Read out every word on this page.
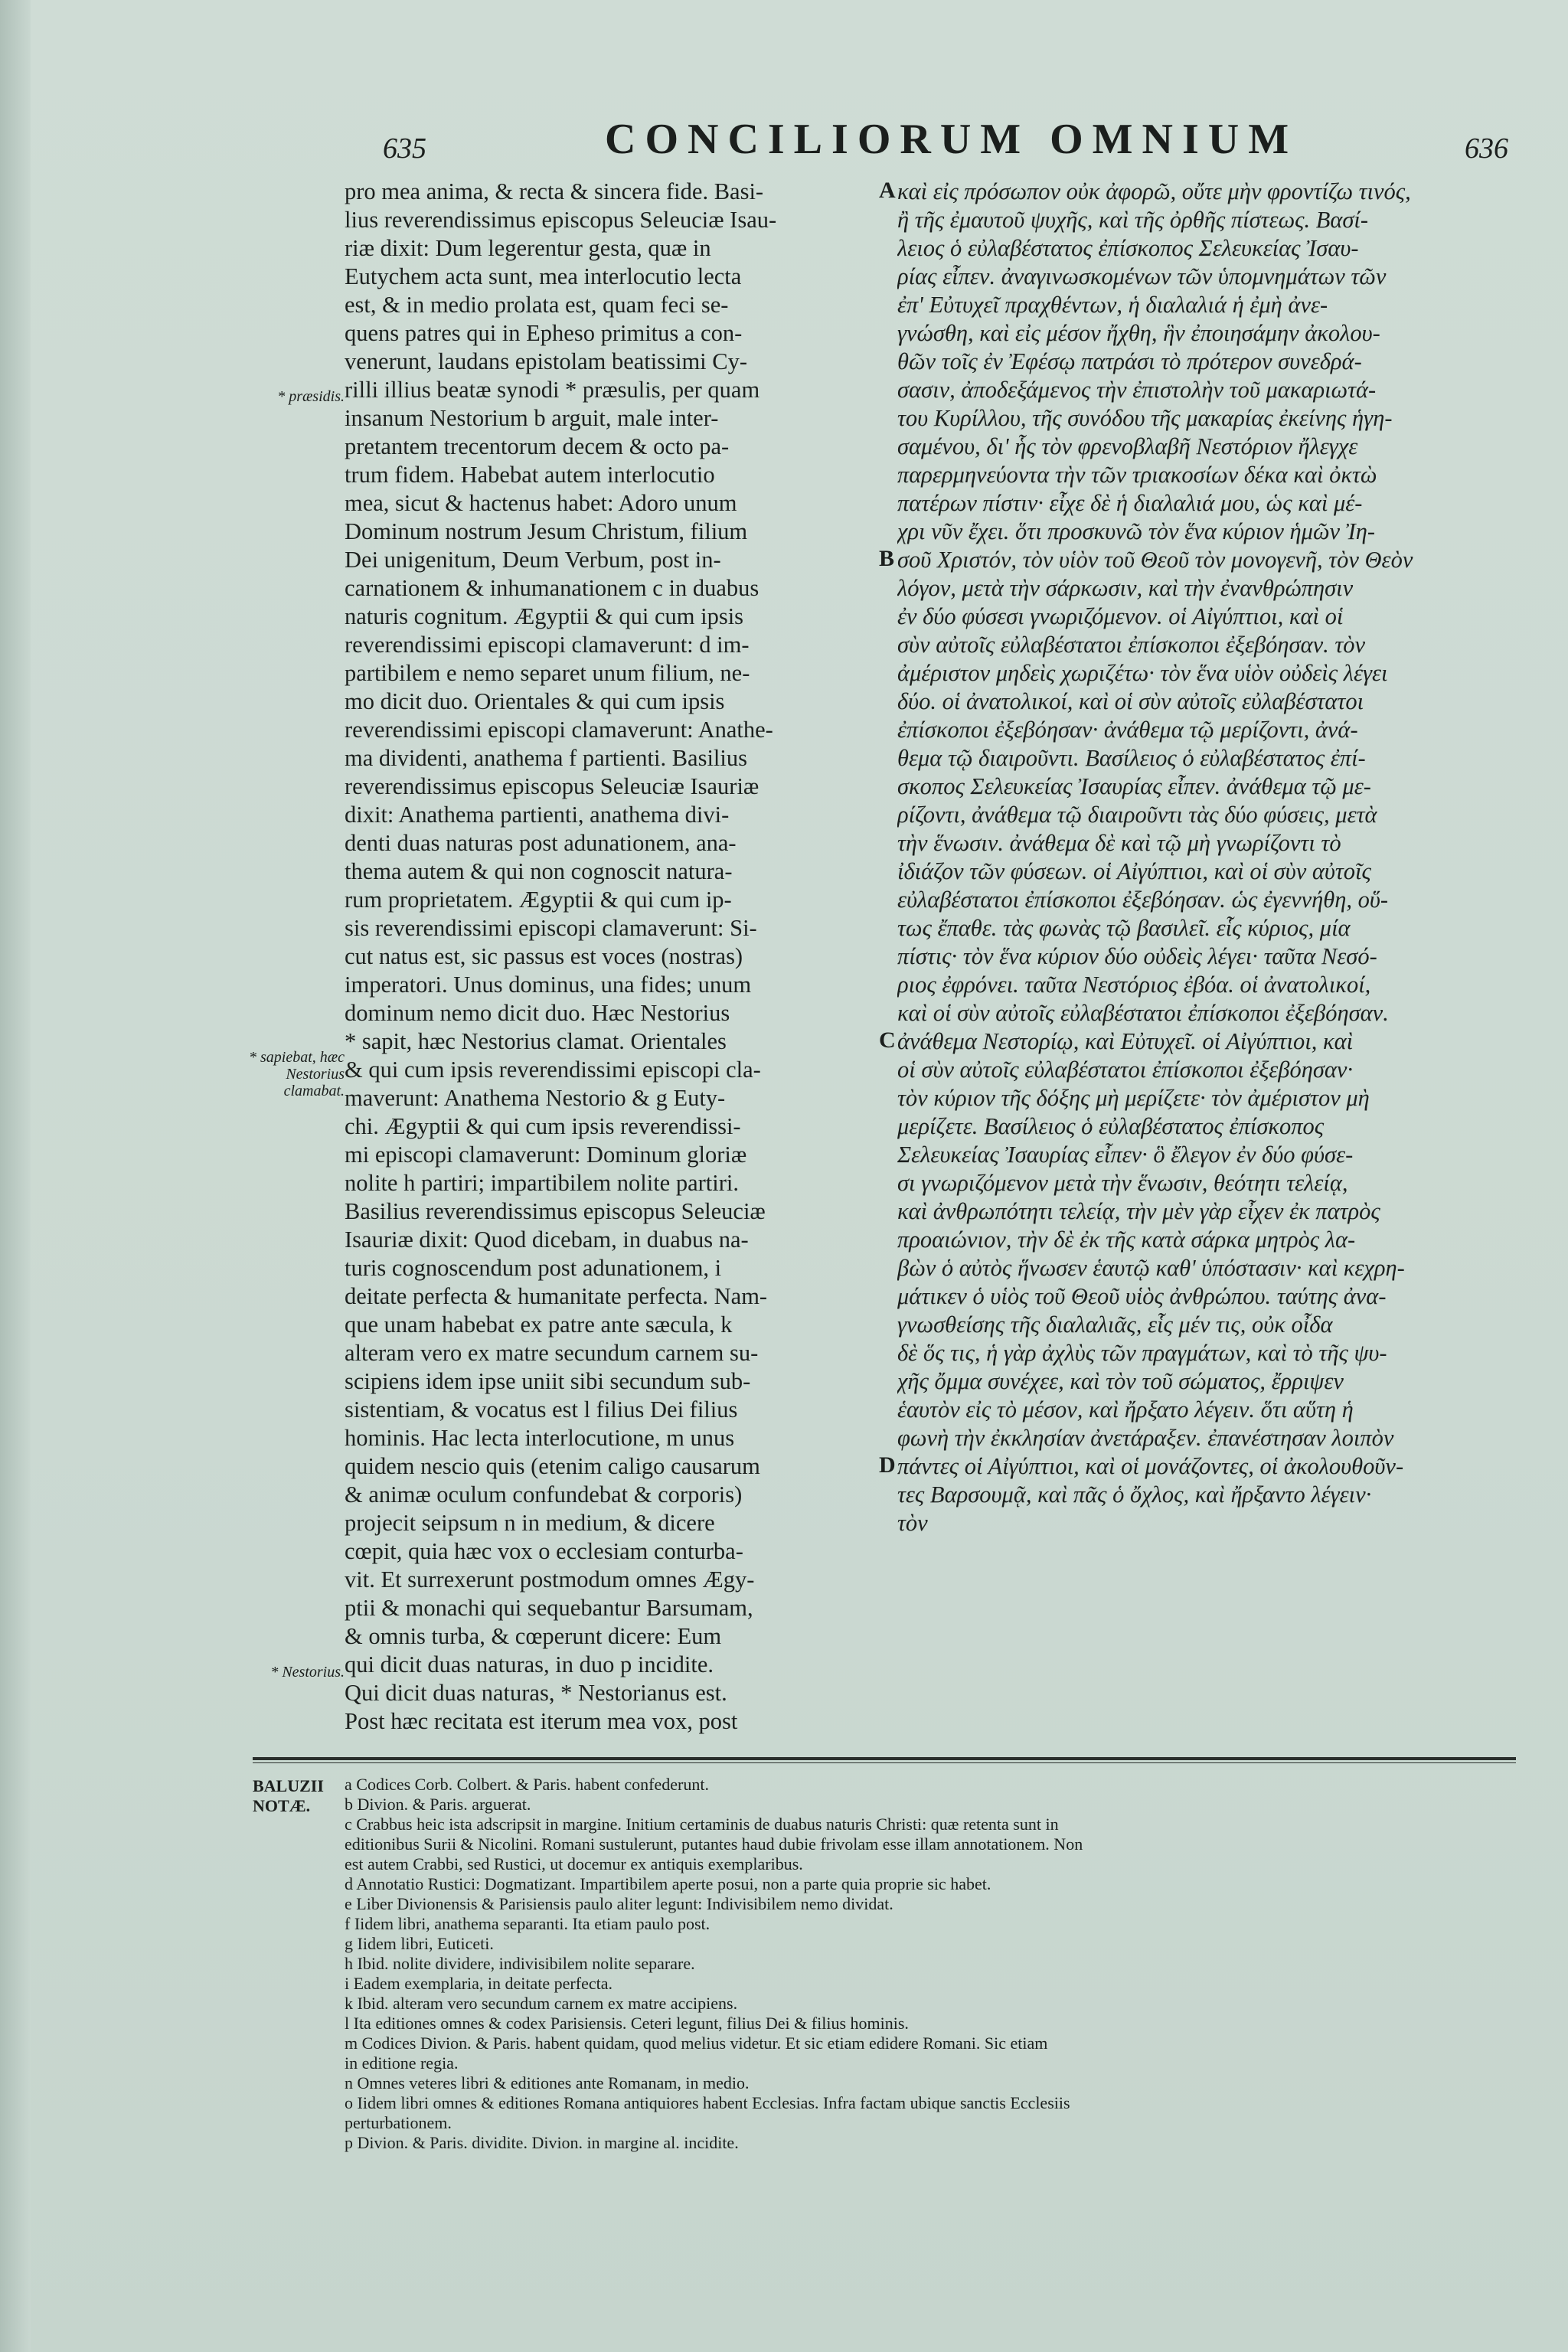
635	CONCILIORUM OMNIUM	636
pro mea anima, & recta & sincera fide. Basi-
lius reverendissimus episcopus Seleuciæ Isau-
riæ dixit: Dum legerentur gesta, quæ in
Eutychem acta sunt, mea interlocutio lecta
est, & in medio prolata est, quam feci se-
quens patres qui in Epheso primitus a con-
venerunt, laudans epistolam beatissimi Cy-
rilli illius beatæ synodi * præsulis, per quam
insanum Nestorium b arguit, male inter-
pretantem trecentorum decem & octo pa-
trum fidem. Habebat autem interlocutio
mea, sicut & hactenus habet: Adoro unum
Dominum nostrum Jesum Christum, filium
Dei unigenitum, Deum Verbum, post in-
carnationem & inhumanationem c in duabus
naturis cognitum. Ægyptii & qui cum ipsis
reverendissimi episcopi clamaverunt: d im-
partibilem e nemo separet unum filium, ne-
mo dicit duo. Orientales & qui cum ipsis
reverendissimi episcopi clamaverunt: Anathe-
ma dividenti, anathema f partienti. Basilius
reverendissimus episcopus Seleuciæ Isauriæ
dixit: Anathema partienti, anathema divi-
denti duas naturas post adunationem, ana-
thema autem & qui non cognoscit natura-
rum proprietatem. Ægyptii & qui cum ip-
sis reverendissimi episcopi clamaverunt: Si-
cut natus est, sic passus est voces (nostras)
imperatori. Unus dominus, una fides; unum
dominum nemo dicit duo. Hæc Nestorius
* sapit, hæc Nestorius clamat. Orientales
& qui cum ipsis reverendissimi episcopi cla-
maverunt: Anathema Nestorio & g Euty-
chi. Ægyptii & qui cum ipsis reverendissi-
mi episcopi clamaverunt: Dominum gloriæ
nolite h partiri; impartibilem nolite partiri.
Basilius reverendissimus episcopus Seleuciæ
Isauriæ dixit: Quod dicebam, in duabus na-
turis cognoscendum post adunationem, i
deitate perfecta & humanitate perfecta. Nam-
que unam habebat ex patre ante sæcula, k
alteram vero ex matre secundum carnem su-
scipiens idem ipse uniit sibi secundum sub-
sistentiam, & vocatus est l filius Dei filius
hominis. Hac lecta interlocutione, m unus
quidem nescio quis (etenim caligo causarum
& animæ oculum confundebat & corporis)
projecit seipsum n in medium, & dicere
cœpit, quia hæc vox o ecclesiam conturba-
vit. Et surrexerunt postmodum omnes Ægy-
ptii & monachi qui sequebantur Barsumam,
& omnis turba, & cœperunt dicere: Eum
qui dicit duas naturas, in duo p incidite.
Qui dicit duas naturas, * Nestorianus est.
Post hæc recitata est iterum mea vox, post
καὶ εἰς πρόσωπον οὐκ ἀφορῶ, οὔτε μὴν φροντίζω τινός,
ἢ τῆς ἐμαυτοῦ ψυχῆς, καὶ τῆς ὀρθῆς πίστεως. Βασί-
λειος ὁ εὐλαβέστατος ἐπίσκοπος Σελευκείας Ἰσαυ-
ρίας εἶπεν. ἀναγινωσκομένων τῶν ὑπομνημάτων τῶν
ἐπ' Εὐτυχεῖ πραχθέντων, ἡ διαλαλιά ἡ ἐμὴ ἀνε-
γνώσθη, καὶ εἰς μέσον ἤχθη, ἣν ἐποιησάμην ἀκολου-
θῶν τοῖς ἐν Ἐφέσῳ πατράσι τὸ πρότερον συνεδρά-
σασιν, ἀποδεξάμενος τὴν ἐπιστολὴν τοῦ μακαριωτά-
του Κυρίλλου, τῆς συνόδου τῆς μακαρίας ἐκείνης ἡγη-
σαμένου, δι' ἧς τὸν φρενοβλαβῆ Νεστόριον ἤλεγχε
παρερμηνεύοντα τὴν τῶν τριακοσίων δέκα καὶ ὀκτὼ
πατέρων πίστιν· εἶχε δὲ ἡ διαλαλιά μου, ὡς καὶ μέ-
χρι νῦν ἔχει. ὅτι προσκυνῶ τὸν ἕνα κύριον ἡμῶν Ἰη-
σοῦ Χριστόν, τὸν υἱὸν τοῦ Θεοῦ τὸν μονογενῆ, τὸν Θεὸν
λόγον, μετὰ τὴν σάρκωσιν, καὶ τὴν ἐνανθρώπησιν
ἐν δύο φύσεσι γνωριζόμενον. οἱ Αἰγύπτιοι, καὶ οἱ
σὺν αὐτοῖς εὐλαβέστατοι ἐπίσκοποι ἐξεβόησαν. τὸν
ἀμέριστον μηδεὶς χωριζέτω· τὸν ἕνα υἱὸν οὐδεὶς λέγει
δύο. οἱ ἀνατολικοί, καὶ οἱ σὺν αὐτοῖς εὐλαβέστατοι
ἐπίσκοποι ἐξεβόησαν· ἀνάθεμα τῷ μερίζοντι, ἀνά-
θεμα τῷ διαιροῦντι. Βασίλειος ὁ εὐλαβέστατος ἐπί-
σκοπος Σελευκείας Ἰσαυρίας εἶπεν. ἀνάθεμα τῷ με-
ρίζοντι, ἀνάθεμα τῷ διαιροῦντι τὰς δύο φύσεις, μετὰ
τὴν ἕνωσιν. ἀνάθεμα δὲ καὶ τῷ μὴ γνωρίζοντι τὸ
ἰδιάζον τῶν φύσεων. οἱ Αἰγύπτιοι, καὶ οἱ σὺν αὐτοῖς
εὐλαβέστατοι ἐπίσκοποι ἐξεβόησαν. ὡς ἐγεννήθη, οὕ-
τως ἔπαθε. τὰς φωνὰς τῷ βασιλεῖ. εἷς κύριος, μία
πίστις· τὸν ἕνα κύριον δύο οὐδεὶς λέγει· ταῦτα Νεσό-
ριος ἐφρόνει. ταῦτα Νεστόριος ἐβόα. οἱ ἀνατολικοί,
καὶ οἱ σὺν αὐτοῖς εὐλαβέστατοι ἐπίσκοποι ἐξεβόησαν.
ἀνάθεμα Νεστορίῳ, καὶ Εὐτυχεῖ. οἱ Αἰγύπτιοι, καὶ
οἱ σὺν αὐτοῖς εὐλαβέστατοι ἐπίσκοποι ἐξεβόησαν·
τὸν κύριον τῆς δόξης μὴ μερίζετε· τὸν ἀμέριστον μὴ
μερίζετε. Βασίλειος ὁ εὐλαβέστατος ἐπίσκοπος
Σελευκείας Ἰσαυρίας εἶπεν· ὃ ἔλεγον ἐν δύο φύσε-
σι γνωριζόμενον μετὰ τὴν ἕνωσιν, θεότητι τελείᾳ,
καὶ ἀνθρωπότητι τελείᾳ, τὴν μὲν γὰρ εἶχεν ἐκ πατρὸς
προαιώνιον, τὴν δὲ ἐκ τῆς κατὰ σάρκα μητρὸς λα-
βὼν ὁ αὐτὸς ἥνωσεν ἑαυτῷ καθ' ὑπόστασιν· καὶ κεχρη-
μάτικεν ὁ υἱὸς τοῦ Θεοῦ υἱὸς ἀνθρώπου. ταύτης ἀνα-
γνωσθείσης τῆς διαλαλιᾶς, εἷς μέν τις, οὐκ οἶδα
δὲ ὅς τις, ἡ γὰρ ἀχλὺς τῶν πραγμάτων, καὶ τὸ τῆς ψυ-
χῆς ὄμμα συνέχεε, καὶ τὸν τοῦ σώματος, ἔρριψεν
ἑαυτὸν εἰς τὸ μέσον, καὶ ἤρξατο λέγειν. ὅτι αὕτη ἡ
φωνὴ τὴν ἐκκλησίαν ἀνετάραξεν. ἐπανέστησαν λοιπὸν
πάντες οἱ Αἰγύπτιοι, καὶ οἱ μονάζοντες, οἱ ἀκολουθοῦν-
τες Βαρσουμᾷ, καὶ πᾶς ὁ ὄχλος, καὶ ἤρξαντο λέγειν·
τὸν
* præsidis.
* sapiebat, hæc Nestorius clamabat.
* Nestorius.
A
B
C
D
BALUZII NOTÆ.
a Codices Corb. Colbert. & Paris. habent confederunt.
b Divion. & Paris. arguerat.
c Crabbus heic ista adscripsit in margine. Initium certaminis de duabus naturis Christi: quæ retenta sunt in
editionibus Surii & Nicolini. Romani sustulerunt, putantes haud dubie frivolam esse illam annotationem. Non
est autem Crabbi, sed Rustici, ut docemur ex antiquis exemplaribus.
d Annotatio Rustici: Dogmatizant. Impartibilem aperte posui, non a parte quia proprie sic habet.
e Liber Divionensis & Parisiensis paulo aliter legunt: Indivisibilem nemo dividat.
f Iidem libri, anathema separanti. Ita etiam paulo post.
g Iidem libri, Euticeti.
h Ibid. nolite dividere, indivisibilem nolite separare.
i Eadem exemplaria, in deitate perfecta.
k Ibid. alteram vero secundum carnem ex matre accipiens.
l Ita editiones omnes & codex Parisiensis. Ceteri legunt, filius Dei & filius hominis.
m Codices Divion. & Paris. habent quidam, quod melius videtur. Et sic etiam edidere Romani. Sic etiam
in editione regia.
n Omnes veteres libri & editiones ante Romanam, in medio.
o Iidem libri omnes & editiones Romana antiquiores habent Ecclesias. Infra factam ubique sanctis Ecclesiis
perturbationem.
p Divion. & Paris. dividite. Divion. in margine al. incidite.
